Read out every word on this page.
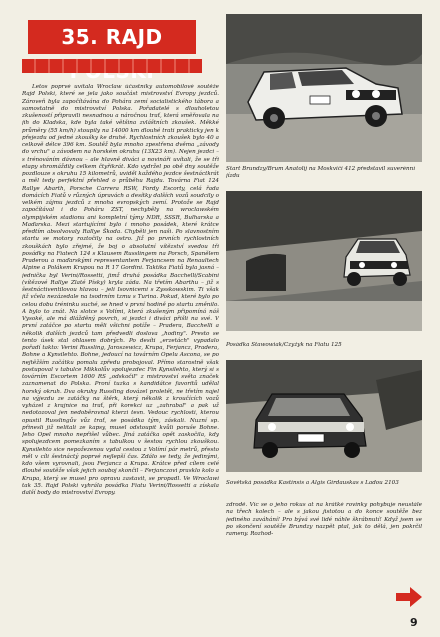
35. RAJD
Letos poprvé uvítala Wroclaw účastníky automobilové soutěže Rajd Polski, které se jela jako součást mistrovství Evropy jezdců. Zároveň byla započítávána do Pohára zemí socialistického tábora a samostatně do mistrovství Polska. Pořadatelé s dlouholetou zkušeností připravili nesnadnou a náročnou trať, která směřovala na jih do Kladska, kde byla také většina zvláštních zkoušek. Měkké průměry (55 km/h) stoupily na 14000 km dlouhé trati prakticky jen k přejezdu od jedné zkoušky ke druhé. Rychlostních zkoušek bylo 40 a celkově délce 396 km. Soutěž byla mnoho zpestřena dvěma „závody do vrchu" a závodem na horském okruhu (13X23 km). Nejen jezdci – s trénováním dávnou – ale hlavně diváci a novináři uvítali, že se tři etapy shromáždily celkem čtyřikrát. Kdo vydržel po obě dny soutěže pozdlouze s okruhu 15 kilometrů, uviděl každého jezdce šestnáctkrát a měl tedy perfektní přehled o průběhu Rajdu. Továrna Fiat 124 Rallye Abarth, Porsche Carrera RSW, Fordy Escorty, celá řada domácích Fiatů v různých úpravách a desítky dalších vozů soudcily o velkém zájmu jezdců z mnoha evropských zemí. Protože se Rajd započítával i do Poháru ZST, nechyběly na wroclawském olympijském stadionu ani kompletní týmy NDR, SSSR, Bulharska a Maďarska. Mezi startujícími bylo i mnoho posádek, které krátce předtím absolvovaly Rallye Škoda. Chyběli jen naši. Po slavnostním startu se motory roztočily na ostro. Již po prvních rychlostních zkouškách bylo zřejmé, že boj o absolutní vítězství svedou tři posádky na Fiatech 124 s Klausem Russlingem na Porsch, Spanělem Praderou a maďarskými representantem Ferjancsem na Renaultech Alpine a Polákem Krupou na R 17 Gordini. Taktika Fiatů byla jasná – jednička byl Verini/Rossetti, jimž druhá posádka Bacchelli/Scabini (vítězové Rallye Zlaté Písky) kryla záda. Na třetím Abarthu – již s šestnáctiventilovou hlavou – jeli Isovnicemi s Zysskowskim. Ti však již včela nezázedale na tsodrním tzmu s Turina. Pokud, které bylo po celou dobu tréninku suché, se hned v první hodině po startu změnilo. A bylo to znát. Na slotce s Volími, která zkušeným připomíná náš Vysoké, ale má dlážděný povrch, si jezdci i diváci přišli na své. V první zatáčce po startu měli všichni potíže – Pradera, Bacchelli a několik dalších jezdců tam předvedli doslova „hodiny". Presto se tento úsek stal ohlasem dobrých. Po desíti „erzetách" vypadalo pořadí takto: Verini Russling, Jaroszewicz, Krupa, Ferjancz, Pradera, Bohne a Kynsilehto. Bohne, jedoucí na továrním Opelu Ascona, se po nejtěžším začátku pomalu zpředu probojoval. Přímo starostně však postupoval v tabulce Mikkolův spolujezdec Fin Kynsilehto, který si s továrním Escortem 1600 RS „odskočil" z mistrovství světa značek zaznamenat do Polska. Proní tuzka s kandidátce favoritů udělal horský okruh. Dva okruhy Russling dovázel proletět, ne třetím najel na výjezdu ze zatáčky na štěrk, který několik z kroučících vozů vyházel z krajnice na trať, při korekci uz „zahrabal" a pak už nedotozoval jen nedoběrovnal kterzi tesn. Vedouc rychlosti, kterou opustil Russlingův vůz trať, se posádka tým, záskali. Nuzní sp. přinesli již nelitali ze kapsy, musel odstoupit kvůli poruše Bohne. Jeho Opel mnoho nepřišel vůbec. Jiná zatáčka opět zaskočila, kdy spolujezdcem pomezkaním s tabulkou v šestou rychlou zkouškou. Kynsilehto sice nepožezenou vydal cestou z Volímí pár metrů, přesto měl v cíli šestnáctý poprvé nejlepší čas. Zdálo se tedy, že jedinými, kdo všem vyrovnali, jsou Ferjancz a Krupa. Krátce před cílem celé dlouhé soutěže však jejich souboj skončil – Ferjanczovi prasklo kolo a Krupa, který se musel pro opravu zastavit, se propadl. Ve Wroclawi tak 35. Rajd Polski vyhrála posádka Fiatu Verini/Rossetti a získala další body do mistrovství Evropy.
Start Brundzy/Brum Anatolij na Moskviči 412 představil suverénní jízdu
Posádka Stawowiak/Czyżyk na Fiatu 125
Sovětská posádka Kastinsis a Algis Girdauskas s Ladou 2103
zdrodě. Víc se o jeho rokus at na krátké rovinky pohybuje neustále na třech kolech – ale s jakou jistotou a do konce soutěže bez jediného zaváhání! Pro bývá své lidé náhle škrábnutí! Když jsem se po skončení soutěže Brundzy nazpět ptal, jak to dělá, jen pokrčil rameny. Rozhod-
9
